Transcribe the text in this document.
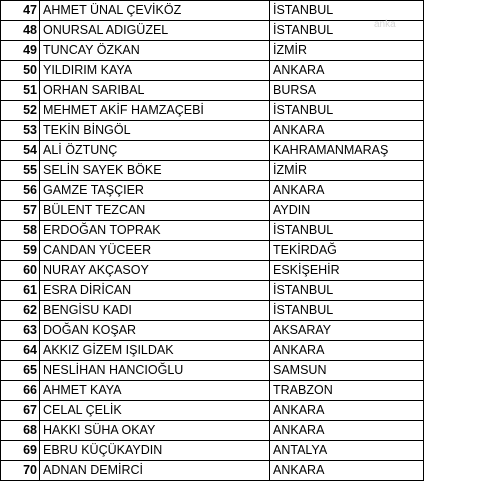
47	AHMET ÜNAL ÇEVİKÖZ	İSTANBUL	
48	ONURSAL ADIGÜZEL	İSTANBUL	
49	TUNCAY ÖZKAN	İZMİR	
50	YILDIRIM KAYA	ANKARA	
51	ORHAN SARIBAL	BURSA	
52	MEHMET AKİF HAMZAÇEBİ	İSTANBUL	
53	TEKİN BİNGÖL	ANKARA	
54	ALİ ÖZTUNÇ	KAHRAMANMARAŞ	
55	SELİN SAYEK BÖKE	İZMİR	
56	GAMZE TAŞÇIER	ANKARA	
57	BÜLENT TEZCAN	AYDIN	
58	ERDOĞAN TOPRAK	İSTANBUL	
59	CANDAN YÜCEER	TEKİRDAĞ	
60	NURAY AKÇASOY	ESKİŞEHİR	
61	ESRA DİRİCAN	İSTANBUL	
62	BENGİSU KADI	İSTANBUL	
63	DOĞAN KOŞAR	AKSARAY	
64	AKKIZ GİZEM IŞILDAK	ANKARA	
65	NESLİHAN HANCIOĞLU	SAMSUN	
66	AHMET KAYA	TRABZON	
67	CELAL ÇELİK	ANKARA	
68	HAKKI SÜHA OKAY	ANKARA	
69	EBRU KÜÇÜKAYDIN	ANTALYA	
70	ADNAN DEMİRCİ	ANKARA	
anka
